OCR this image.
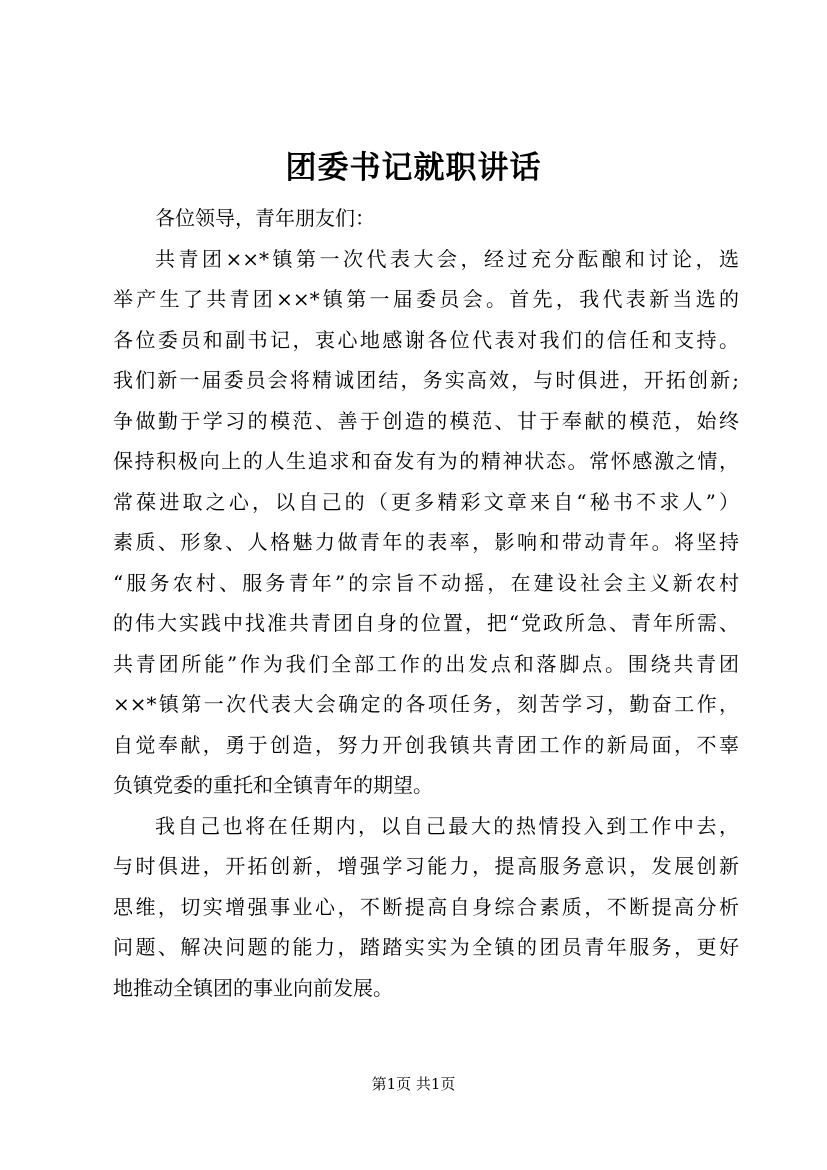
团委书记就职讲话
各位领导，青年朋友们：
共青团××*镇第一次代表大会，经过充分酝酿和讨论，选
举产生了共青团××*镇第一届委员会。首先，我代表新当选的
各位委员和副书记，衷心地感谢各位代表对我们的信任和支持。
我们新一届委员会将精诚团结，务实高效，与时俱进，开拓创新;
争做勤于学习的模范、善于创造的模范、甘于奉献的模范，始终
保持积极向上的人生追求和奋发有为的精神状态。常怀感激之情，
常葆进取之心，以自己的（更多精彩文章来自“秘书不求人”）
素质、形象、人格魅力做青年的表率，影响和带动青年。将坚持
“服务农村、服务青年”的宗旨不动摇，在建设社会主义新农村
的伟大实践中找准共青团自身的位置，把“党政所急、青年所需、
共青团所能”作为我们全部工作的出发点和落脚点。围绕共青团
××*镇第一次代表大会确定的各项任务，刻苦学习，勤奋工作，
自觉奉献，勇于创造，努力开创我镇共青团工作的新局面，不辜
负镇党委的重托和全镇青年的期望。
我自己也将在任期内，以自己最大的热情投入到工作中去，
与时俱进，开拓创新，增强学习能力，提高服务意识，发展创新
思维，切实增强事业心，不断提高自身综合素质，不断提高分析
问题、解决问题的能力，踏踏实实为全镇的团员青年服务，更好
地推动全镇团的事业向前发展。
第1页 共1页
